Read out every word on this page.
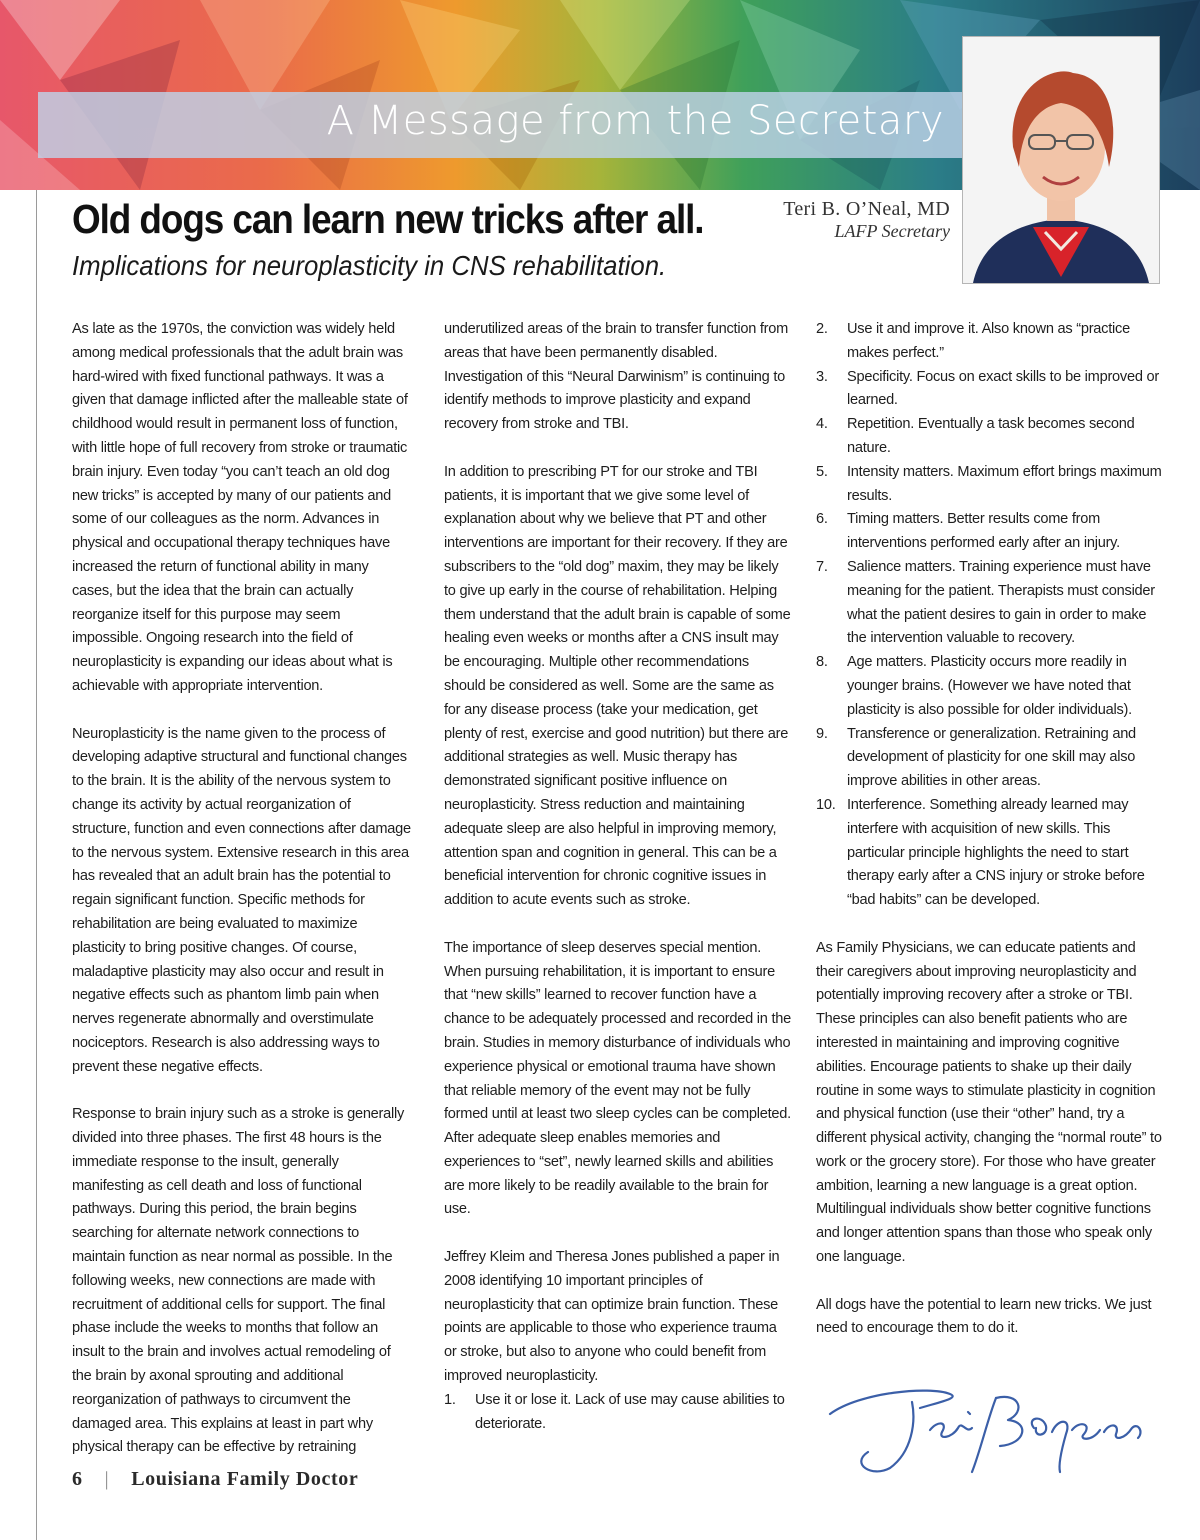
A Message from the Secretary
Old dogs can learn new tricks after all.
Implications for neuroplasticity in CNS rehabilitation.
Teri B. O’Neal, MD
LAFP Secretary

As late as the 1970s, the conviction was widely held among medical professionals that the adult brain was hard-wired with fixed functional pathways. It was a given that damage inflicted after the malleable state of childhood would result in permanent loss of function, with little hope of full recovery from stroke or traumatic brain injury. Even today “you can’t teach an old dog new tricks” is accepted by many of our patients and some of our colleagues as the norm. Advances in physical and occupational therapy techniques have increased the return of functional ability in many cases, but the idea that the brain can actually reorganize itself for this purpose may seem impossible. Ongoing research into the field of neuroplasticity is expanding our ideas about what is achievable with appropriate intervention.

Neuroplasticity is the name given to the process of developing adaptive structural and functional changes to the brain. It is the ability of the nervous system to change its activity by actual reorganization of structure, function and even connections after damage to the nervous system. Extensive research in this area has revealed that an adult brain has the potential to regain significant function. Specific methods for rehabilitation are being evaluated to maximize plasticity to bring positive changes. Of course, maladaptive plasticity may also occur and result in negative effects such as phantom limb pain when nerves regenerate abnormally and overstimulate nociceptors. Research is also addressing ways to prevent these negative effects.

Response to brain injury such as a stroke is generally divided into three phases. The first 48 hours is the immediate response to the insult, generally manifesting as cell death and loss of functional pathways. During this period, the brain begins searching for alternate network connections to maintain function as near normal as possible. In the following weeks, new connections are made with recruitment of additional cells for support. The final phase include the weeks to months that follow an insult to the brain and involves actual remodeling of the brain by axonal sprouting and additional reorganization of pathways to circumvent the damaged area. This explains at least in part why physical therapy can be effective by retraining

underutilized areas of the brain to transfer function from areas that have been permanently disabled. Investigation of this “Neural Darwinism” is continuing to identify methods to improve plasticity and expand recovery from stroke and TBI.

In addition to prescribing PT for our stroke and TBI patients, it is important that we give some level of explanation about why we believe that PT and other interventions are important for their recovery. If they are subscribers to the “old dog” maxim, they may be likely to give up early in the course of rehabilitation. Helping them understand that the adult brain is capable of some healing even weeks or months after a CNS insult may be encouraging. Multiple other recommendations should be considered as well. Some are the same as for any disease process (take your medication, get plenty of rest, exercise and good nutrition) but there are additional strategies as well. Music therapy has demonstrated significant positive influence on neuroplasticity. Stress reduction and maintaining adequate sleep are also helpful in improving memory, attention span and cognition in general. This can be a beneficial intervention for chronic cognitive issues in addition to acute events such as stroke.

The importance of sleep deserves special mention. When pursuing rehabilitation, it is important to ensure that “new skills” learned to recover function have a chance to be adequately processed and recorded in the brain. Studies in memory disturbance of individuals who experience physical or emotional trauma have shown that reliable memory of the event may not be fully formed until at least two sleep cycles can be completed. After adequate sleep enables memories and experiences to “set”, newly learned skills and abilities are more likely to be readily available to the brain for use.

Jeffrey Kleim and Theresa Jones published a paper in 2008 identifying 10 important principles of neuroplasticity that can optimize brain function. These points are applicable to those who experience trauma or stroke, but also to anyone who could benefit from improved neuroplasticity.

1. Use it or lose it. Lack of use may cause abilities to deteriorate.
2. Use it and improve it. Also known as “practice makes perfect.”
3. Specificity. Focus on exact skills to be improved or learned.
4. Repetition. Eventually a task becomes second nature.
5. Intensity matters. Maximum effort brings maximum results.
6. Timing matters. Better results come from interventions performed early after an injury.
7. Salience matters. Training experience must have meaning for the patient. Therapists must consider what the patient desires to gain in order to make the intervention valuable to recovery.
8. Age matters. Plasticity occurs more readily in younger brains. (However we have noted that plasticity is also possible for older individuals).
9. Transference or generalization. Retraining and development of plasticity for one skill may also improve abilities in other areas.
10. Interference. Something already learned may interfere with acquisition of new skills. This particular principle highlights the need to start therapy early after a CNS injury or stroke before “bad habits” can be developed.

As Family Physicians, we can educate patients and their caregivers about improving neuroplasticity and potentially improving recovery after a stroke or TBI. These principles can also benefit patients who are interested in maintaining and improving cognitive abilities. Encourage patients to shake up their daily routine in some ways to stimulate plasticity in cognition and physical function (use their “other” hand, try a different physical activity, changing the “normal route” to work or the grocery store). For those who have greater ambition, learning a new language is a great option. Multilingual individuals show better cognitive functions and longer attention spans than those who speak only one language.

All dogs have the potential to learn new tricks. We just need to encourage them to do it.

6 | Louisiana Family Doctor
